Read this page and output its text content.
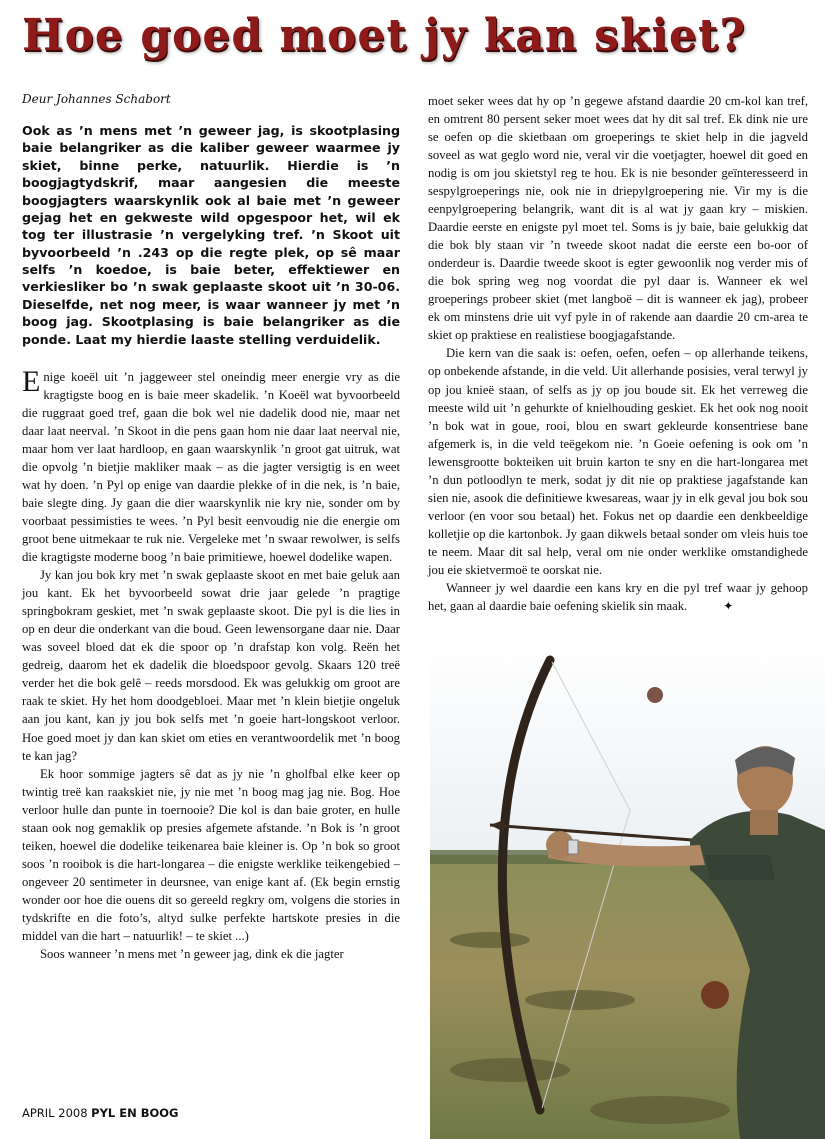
Hoe goed moet jy kan skiet?
Deur Johannes Schabort
Ook as ’n mens met ’n geweer jag, is skootplasing baie belangriker as die kaliber geweer waarmee jy skiet, binne perke, natuurlik. Hierdie is ’n boogjagtydskrif, maar aangesien die meeste boogjagters waarskynlik ook al baie met ’n geweer gejag het en gekweste wild opgespoor het, wil ek tog ter illustrasie ’n vergelyking tref. ’n Skoot uit byvoorbeeld ’n .243 op die regte plek, op sê maar selfs ’n koedoe, is baie beter, effektiewer en verkiesliker bo ’n swak geplaaste skoot uit ’n 30-06. Dieselfde, net nog meer, is waar wanneer jy met ’n boog jag. Skootplasing is baie belangriker as die ponde. Laat my hierdie laaste stelling verduidelik.

Enige koeël uit ’n jaggeweer stel oneindig meer energie vry as die kragtigste boog en is baie meer skadelik. ’n Koeël wat byvoorbeeld die ruggraat goed tref, gaan die bok wel nie dadelik dood nie, maar net daar laat neerval. ’n Skoot in die pens gaan hom nie daar laat neerval nie, maar hom ver laat hardloop, en gaan waarskynlik ’n groot gat uitruk, wat die opvolg ’n bietjie makliker maak – as die jagter versigtig is en weet wat hy doen. ’n Pyl op enige van daardie plekke of in die nek, is ’n baie, baie slegte ding. Jy gaan die dier waarskynlik nie kry nie, sonder om by voorbaat pessimisties te wees. ’n Pyl besit eenvoudig nie die energie om groot bene uitmekaar te ruk nie. Vergeleke met ’n swaar rewolwer, is selfs die kragtigste moderne boog ’n baie primitiewe, hoewel dodelike wapen.

Jy kan jou bok kry met ’n swak geplaaste skoot en met baie geluk aan jou kant. Ek het byvoorbeeld sowat drie jaar gelede ’n pragtige springbokram geskiet, met ’n swak geplaaste skoot. Die pyl is die lies in op en deur die onderkant van die boud. Geen lewensorgane daar nie. Daar was soveel bloed dat ek die spoor op ’n drafstap kon volg. Reën het gedreig, daarom het ek dadelik die bloedspoor gevolg. Skaars 120 treë verder het die bok gelê – reeds morsdood. Ek was gelukkig om groot are raak te skiet. Hy het hom doodgebloei. Maar met ’n klein bietjie ongeluk aan jou kant, kan jy jou bok selfs met ’n goeie hart-longskoot verloor. Hoe goed moet jy dan kan skiet om eties en verantwoordelik met ’n boog te kan jag?

Ek hoor sommige jagters sê dat as jy nie ’n gholfbal elke keer op twintig treë kan raakskiet nie, jy nie met ’n boog mag jag nie. Bog. Hoe verloor hulle dan punte in toernooie? Die kol is dan baie groter, en hulle staan ook nog gemaklik op presies afgemete afstande. ’n Bok is ’n groot teiken, hoewel die dodelike teikenarea baie kleiner is. Op ’n bok so groot soos ’n rooibok is die hart-longarea – die enigste werklike teikengebied – ongeveer 20 sentimeter in deursnee, van enige kant af. (Ek begin ernstig wonder oor hoe die ouens dit so gereeld regkry om, volgens die stories in tydskrifte en die foto’s, altyd sulke perfekte hartskote presies in die middel van die hart – natuurlik! – te skiet ...)

Soos wanneer ’n mens met ’n geweer jag, dink ek die jagter

moet seker wees dat hy op ’n gegewe afstand daardie 20 cm-kol kan tref, en omtrent 80 persent seker moet wees dat hy dit sal tref. Ek dink nie ure se oefen op die skietbaan om groeperings te skiet help in die jagveld soveel as wat geglo word nie, veral vir die voetjagter, hoewel dit goed en nodig is om jou skietstyl reg te hou. Ek is nie besonder geïnteresseerd in sespylgroeperings nie, ook nie in driepylgroepering nie. Vir my is die eenpylgroepering belangrik, want dit is al wat jy gaan kry – miskien. Daardie eerste en enigste pyl moet tel. Soms is jy baie, baie gelukkig dat die bok bly staan vir ’n tweede skoot nadat die eerste een bo-oor of onderdeur is. Daardie tweede skoot is egter gewoonlik nog verder mis of die bok spring weg nog voordat die pyl daar is. Wanneer ek wel groeperings probeer skiet (met langboë – dit is wanneer ek jag), probeer ek om minstens drie uit vyf pyle in of rakende aan daardie 20 cm-area te skiet op praktiese en realistiese boogjagafstande.

Die kern van die saak is: oefen, oefen, oefen – op allerhande teikens, op onbekende afstande, in die veld. Uit allerhande posisies, veral terwyl jy op jou knieë staan, of selfs as jy op jou boude sit. Ek het verreweg die meeste wild uit ’n gehurkte of knielhouding geskiet. Ek het ook nog nooit ’n bok wat in goue, rooi, blou en swart gekleurde konsentriese bane afgemerk is, in die veld teëgekom nie. ’n Goeie oefening is ook om ’n lewensgrootte bokteiken uit bruin karton te sny en die hart-longarea met ’n dun potloodlyn te merk, sodat jy dit nie op praktiese jagafstande kan sien nie, asook die definitiewe kwesareas, waar jy in elk geval jou bok sou verloor (en voor sou betaal) het. Fokus net op daardie een denkbeeldige kolletjie op die kartonbok. Jy gaan dikwels betaal sonder om vleis huis toe te neem. Maar dit sal help, veral om nie onder werklike omstandighede jou eie skietvermoë te oorskat nie.

Wanneer jy wel daardie een kans kry en die pyl tref waar jy gehoop het, gaan al daardie baie oefening skielik sin maak.	✦

APRIL 2008 PYL EN BOOG
